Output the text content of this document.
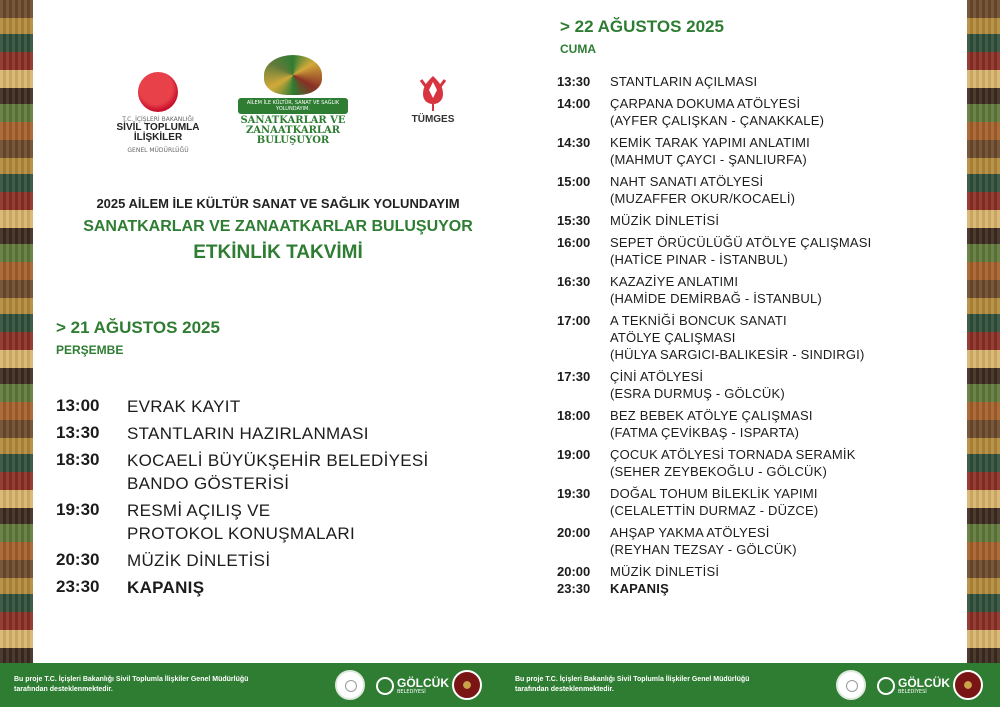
T.C. İÇİŞLERİ BAKANLIĞI
SİVİL TOPLUMLA İLİŞKİLER
GENEL MÜDÜRLÜĞÜ
AİLEM İLE KÜLTÜR, SANAT VE SAĞLIK YOLUNDAYIM.
SANATKARLAR VE ZANAATKARLAR BULUŞUYOR
TÜMGES
2025 AİLEM İLE KÜLTÜR SANAT VE SAĞLIK YOLUNDAYIM
SANATKARLAR VE ZANAATKARLAR BULUŞUYOR
ETKİNLİK TAKVİMİ
> 21 AĞUSTOS 2025
PERŞEMBE
13:00	EVRAK KAYIT
13:30	STANTLARIN HAZIRLANMASI
18:30	KOCAELİ BÜYÜKŞEHİR BELEDİYESİ
BANDO GÖSTERİSİ
19:30	RESMİ AÇILIŞ VE
PROTOKOL KONUŞMALARI
20:30	MÜZİK DİNLETİSİ
23:30	KAPANIŞ
> 22 AĞUSTOS 2025
CUMA
13:30	STANTLARIN AÇILMASI
14:00	ÇARPANA DOKUMA ATÖLYESİ
(AYFER ÇALIŞKAN - ÇANAKKALE)
14:30	KEMİK TARAK YAPIMI ANLATIMI
(MAHMUT ÇAYCI - ŞANLIURFA)
15:00	NAHT SANATI ATÖLYESİ
(MUZAFFER OKUR/KOCAELİ)
15:30	MÜZİK DİNLETİSİ
16:00	SEPET ÖRÜCÜLÜĞÜ ATÖLYE ÇALIŞMASI
(HATİCE PINAR - İSTANBUL)
16:30	KAZAZİYE ANLATIMI
(HAMİDE DEMİRBAĞ - İSTANBUL)
17:00	A TEKNİĞİ BONCUK SANATI
ATÖLYE ÇALIŞMASI
(HÜLYA SARGICI-BALIKESİR - SINDIRGI)
17:30	ÇİNİ ATÖLYESİ
(ESRA DURMUŞ - GÖLCÜK)
18:00	BEZ BEBEK ATÖLYE ÇALIŞMASI
(FATMA ÇEVİKBAŞ - ISPARTA)
19:00	ÇOCUK ATÖLYESİ TORNADA SERAMİK
(SEHER ZEYBEKOĞLU - GÖLCÜK)
19:30	DOĞAL TOHUM BİLEKLİK YAPIMI
(CELALETTİN DURMAZ - DÜZCE)
20:00	AHŞAP YAKMA ATÖLYESİ
(REYHAN TEZSAY - GÖLCÜK)
20:00	MÜZİK DİNLETİSİ
23:30	KAPANIŞ
Bu proje T.C. İçişleri Bakanlığı Sivil Toplumla İlişkiler Genel Müdürlüğü tarafından desteklenmektedir.	GÖLCÜK
BELEDİYESİ
Bu proje T.C. İçişleri Bakanlığı Sivil Toplumla İlişkiler Genel Müdürlüğü tarafından desteklenmektedir.	GÖLCÜK
BELEDİYESİ
